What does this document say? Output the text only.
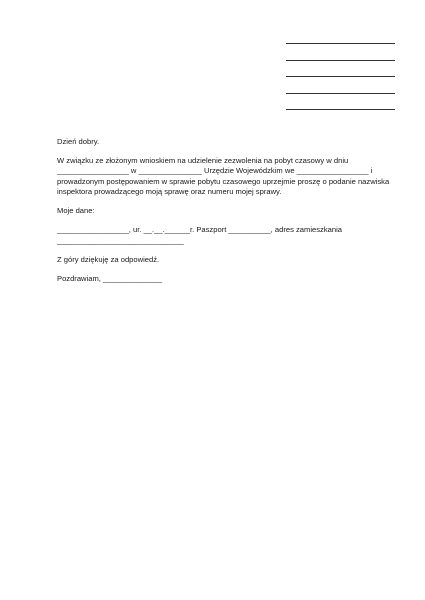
Dzień dobry.

W związku ze złożonym wnioskiem na udzielenie zezwolenia na pobyt czasowy w dniu
_________________ w _______________ Urzędzie Wojewódzkim we _________________ i
prowadzonym postępowaniem w sprawie pobytu czasowego uprzejmie proszę o podanie nazwiska
inspektora prowadzącego moją sprawę oraz numeru mojej sprawy.

Moje dane:

_________________, ur. __.__.______r. Paszport __________, adres zamieszkania
______________________________

Z góry dziękuję za odpowiedź.

Pozdrawiam, ______________
